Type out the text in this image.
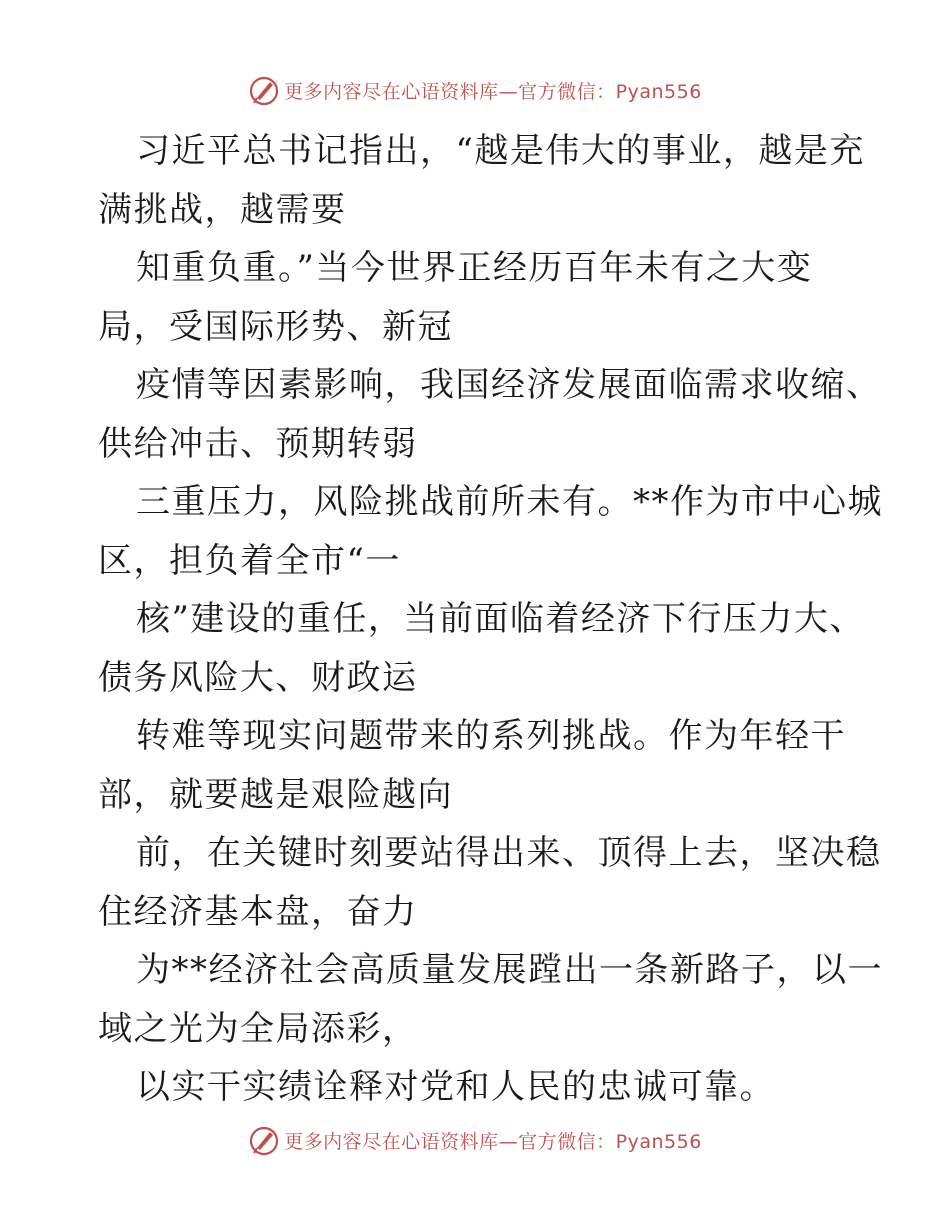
更多内容尽在心语资料库—官方微信：Pyan556
习近平总书记指出，“越是伟大的事业，越是充
满挑战，越需要
知重负重。”当今世界正经历百年未有之大变
局，受国际形势、新冠
疫情等因素影响，我国经济发展面临需求收缩、
供给冲击、预期转弱
三重压力，风险挑战前所未有。**作为市中心城
区，担负着全市“一
核”建设的重任，当前面临着经济下行压力大、
债务风险大、财政运
转难等现实问题带来的系列挑战。作为年轻干
部，就要越是艰险越向
前，在关键时刻要站得出来、顶得上去，坚决稳
住经济基本盘，奋力
为**经济社会高质量发展蹚出一条新路子，以一
域之光为全局添彩，
以实干实绩诠释对党和人民的忠诚可靠。
更多内容尽在心语资料库—官方微信：Pyan556
